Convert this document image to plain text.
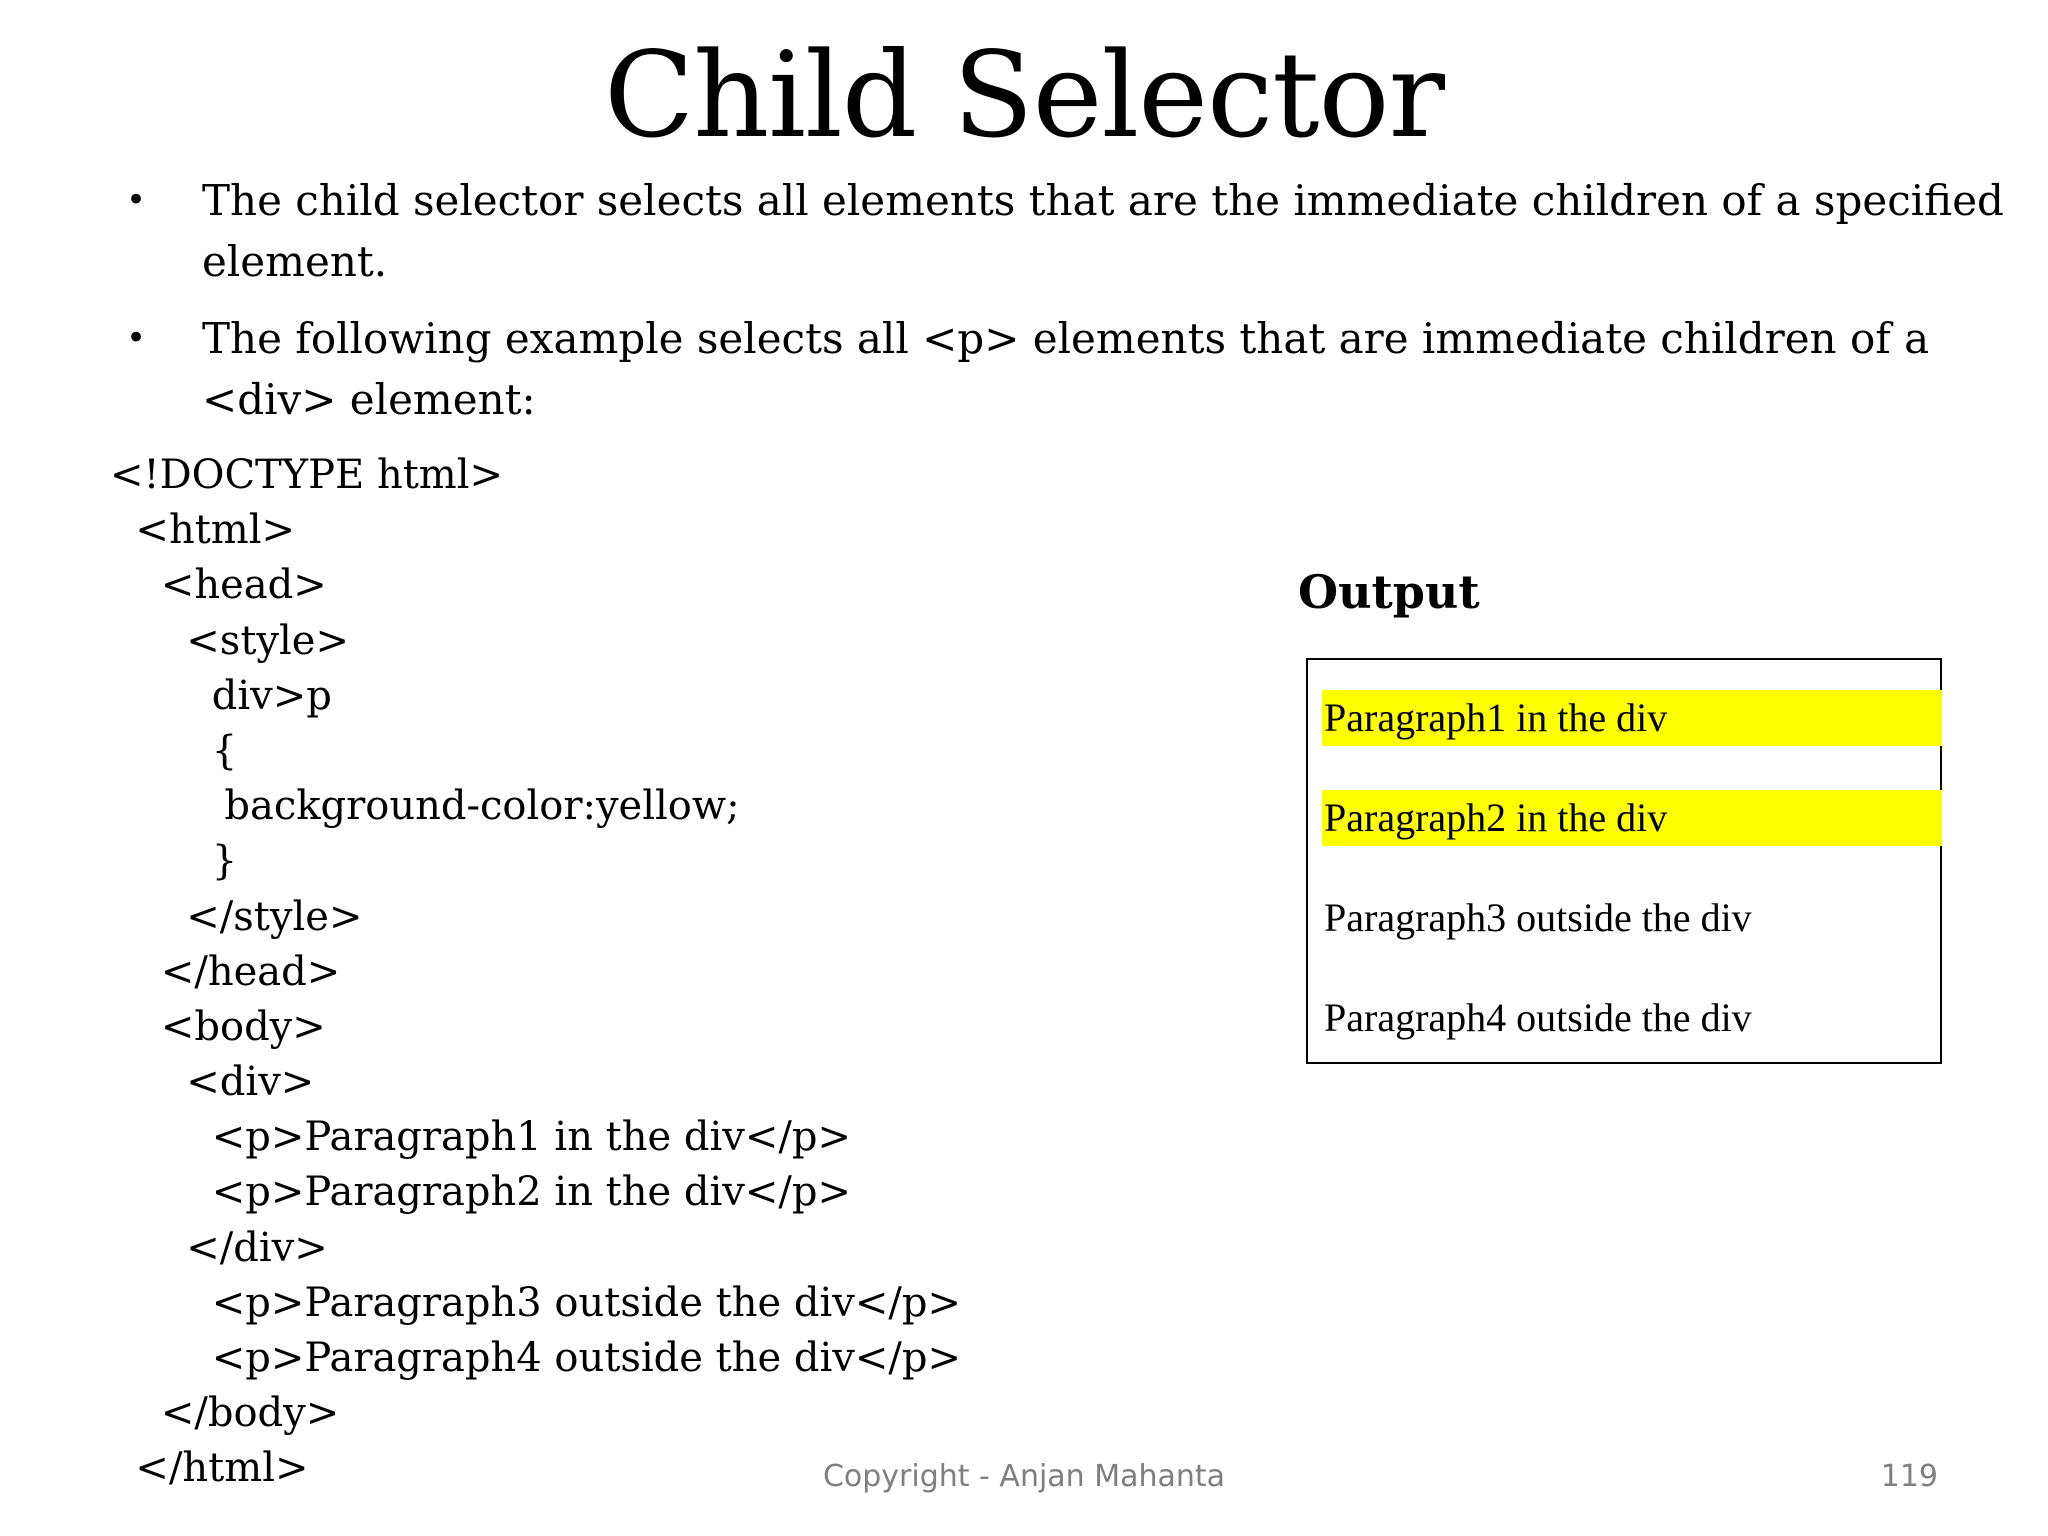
Child Selector
• The child selector selects all elements that are the immediate children of a specified
element.
• The following example selects all <p> elements that are immediate children of a
<div> element:
<!DOCTYPE html>
<html>
<head>
<style>
div>p
{
background-color:yellow;
}
</style>
</head>
<body>
<div>
<p>Paragraph1 in the div</p>
<p>Paragraph2 in the div</p>
</div>
<p>Paragraph3 outside the div</p>
<p>Paragraph4 outside the div</p>
</body>
</html>
Output
Paragraph1 in the div
Paragraph2 in the div
Paragraph3 outside the div
Paragraph4 outside the div
Copyright - Anjan Mahanta	119
